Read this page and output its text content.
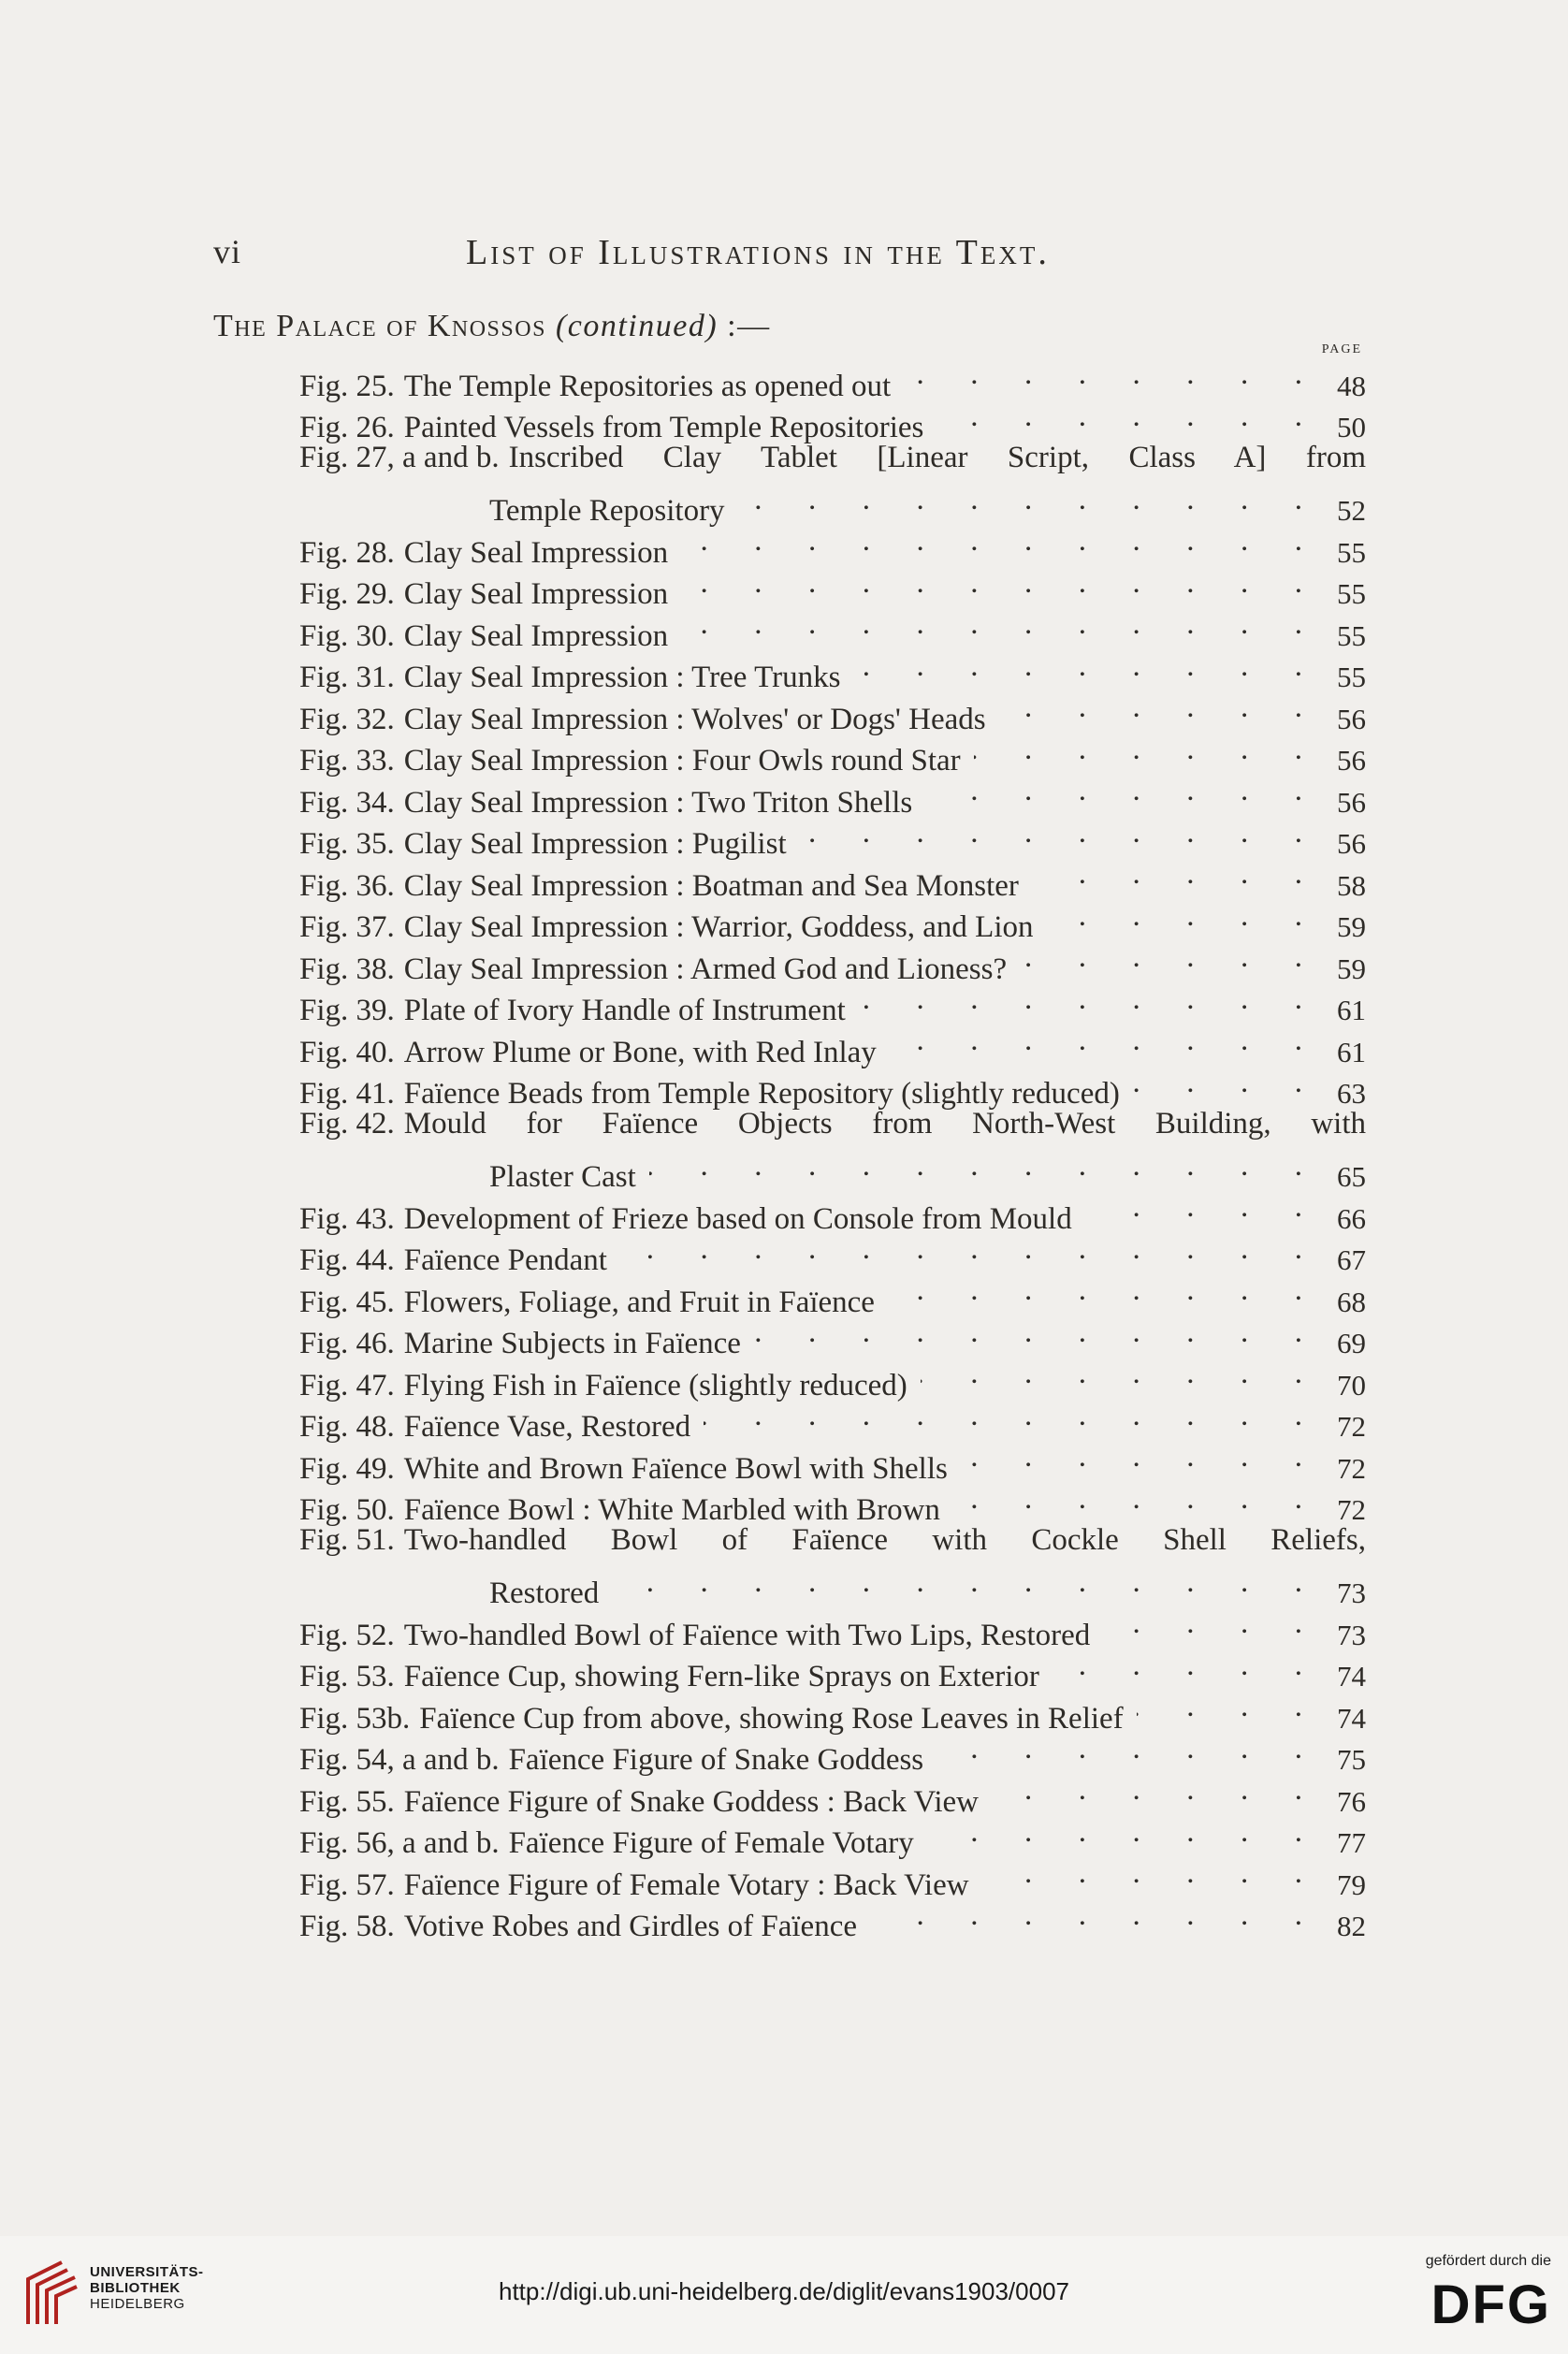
vi	List of Illustrations in the Text.
The Palace of Knossos (continued) :—
PAGE
Fig. 25. The Temple Repositories as opened out .	48
Fig. 26. Painted Vessels from Temple Repositories .	50
Fig. 27, a and b. Inscribed Clay Tablet [Linear Script, Class A] from
Temple Repository .	52
Fig. 28. Clay Seal Impression .	55
Fig. 29. Clay Seal Impression .	55
Fig. 30. Clay Seal Impression .	55
Fig. 31. Clay Seal Impression : Tree Trunks .	55
Fig. 32. Clay Seal Impression : Wolves' or Dogs' Heads .	56
Fig. 33. Clay Seal Impression : Four Owls round Star .	56
Fig. 34. Clay Seal Impression : Two Triton Shells .	56
Fig. 35. Clay Seal Impression : Pugilist .	56
Fig. 36. Clay Seal Impression : Boatman and Sea Monster .	58
Fig. 37. Clay Seal Impression : Warrior, Goddess, and Lion .	59
Fig. 38. Clay Seal Impression : Armed God and Lioness? .	59
Fig. 39. Plate of Ivory Handle of Instrument .	61
Fig. 40. Arrow Plume or Bone, with Red Inlay .	61
Fig. 41. Faïence Beads from Temple Repository (slightly reduced) .	63
Fig. 42. Mould for Faïence Objects from North-West Building, with
Plaster Cast .	65
Fig. 43. Development of Frieze based on Console from Mould .	66
Fig. 44. Faïence Pendant .	67
Fig. 45. Flowers, Foliage, and Fruit in Faïence .	68
Fig. 46. Marine Subjects in Faïence .	69
Fig. 47. Flying Fish in Faïence (slightly reduced) .	70
Fig. 48. Faïence Vase, Restored .	72
Fig. 49. White and Brown Faïence Bowl with Shells .	72
Fig. 50. Faïence Bowl : White Marbled with Brown .	72
Fig. 51. Two-handled Bowl of Faïence with Cockle Shell Reliefs,
Restored .	73
Fig. 52. Two-handled Bowl of Faïence with Two Lips, Restored .	73
Fig. 53. Faïence Cup, showing Fern-like Sprays on Exterior .	74
Fig. 53b. Faïence Cup from above, showing Rose Leaves in Relief .	74
Fig. 54, a and b. Faïence Figure of Snake Goddess .	75
Fig. 55. Faïence Figure of Snake Goddess : Back View .	76
Fig. 56, a and b. Faïence Figure of Female Votary .	77
Fig. 57. Faïence Figure of Female Votary : Back View .	79
Fig. 58. Votive Robes and Girdles of Faïence .	82
UNIVERSITÄTS-
BIBLIOTHEK
HEIDELBERG	http://digi.ub.uni-heidelberg.de/diglit/evans1903/0007
gefördert durch die
DFG
